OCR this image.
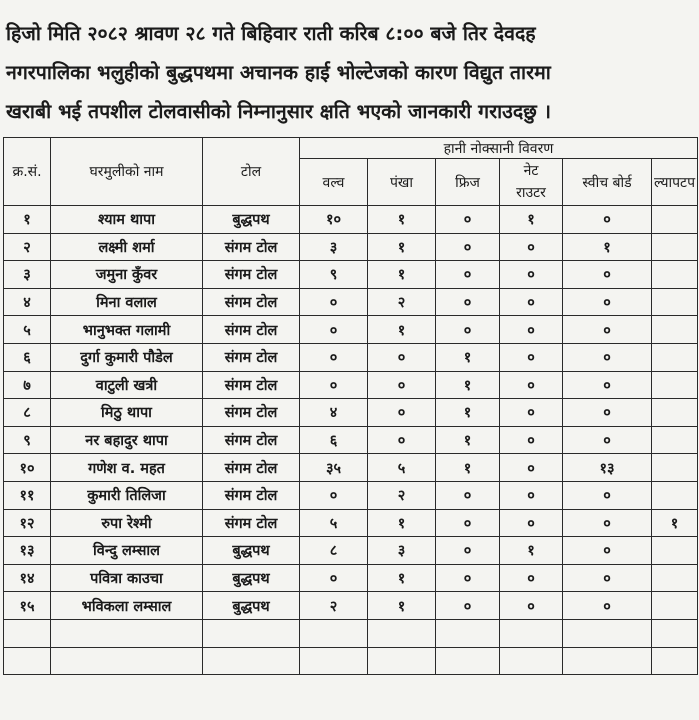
हिजो मिति २०८२ श्रावण २८ गते बिहिवार राती करिब ८:०० बजे तिर देवदह
नगरपालिका भलुहीको बुद्धपथमा अचानक हाई भोल्टेजको कारण विद्युत तारमा
खराबी भई तपशील टोलवासीको निम्नानुसार क्षति भएको जानकारी गराउदछु ।
क्र.सं.	घरमुलीको नाम	टोल	हानी नोक्सानी विवरण					
			वल्व	पंखा	फ्रिज	नेट
राउटर	स्वीच बोर्ड	ल्यापटप
१	श्याम थापा	बुद्धपथ	१०	१	०	१	०	
२	लक्ष्मी शर्मा	संगम टोल	३	१	०	०	१	
३	जमुना कुँवर	संगम टोल	९	१	०	०	०	
४	मिना वलाल	संगम टोल	०	२	०	०	०	
५	भानुभक्त गलामी	संगम टोल	०	१	०	०	०	
६	दुर्गा कुमारी पौडेल	संगम टोल	०	०	१	०	०	
७	वाटुली खत्री	संगम टोल	०	०	१	०	०	
८	मिठु थापा	संगम टोल	४	०	१	०	०	
९	नर बहादुर थापा	संगम टोल	६	०	१	०	०	
१०	गणेश व. महत	संगम टोल	३५	५	१	०	१३	
११	कुमारी तिलिजा	संगम टोल	०	२	०	०	०	
१२	रुपा रेश्मी	संगम टोल	५	१	०	०	०	१
१३	विन्दु लम्साल	बुद्धपथ	८	३	०	१	०	
१४	पवित्रा काउचा	बुद्धपथ	०	१	०	०	०	
१५	भविकला लम्साल	बुद्धपथ	२	१	०	०	०	
